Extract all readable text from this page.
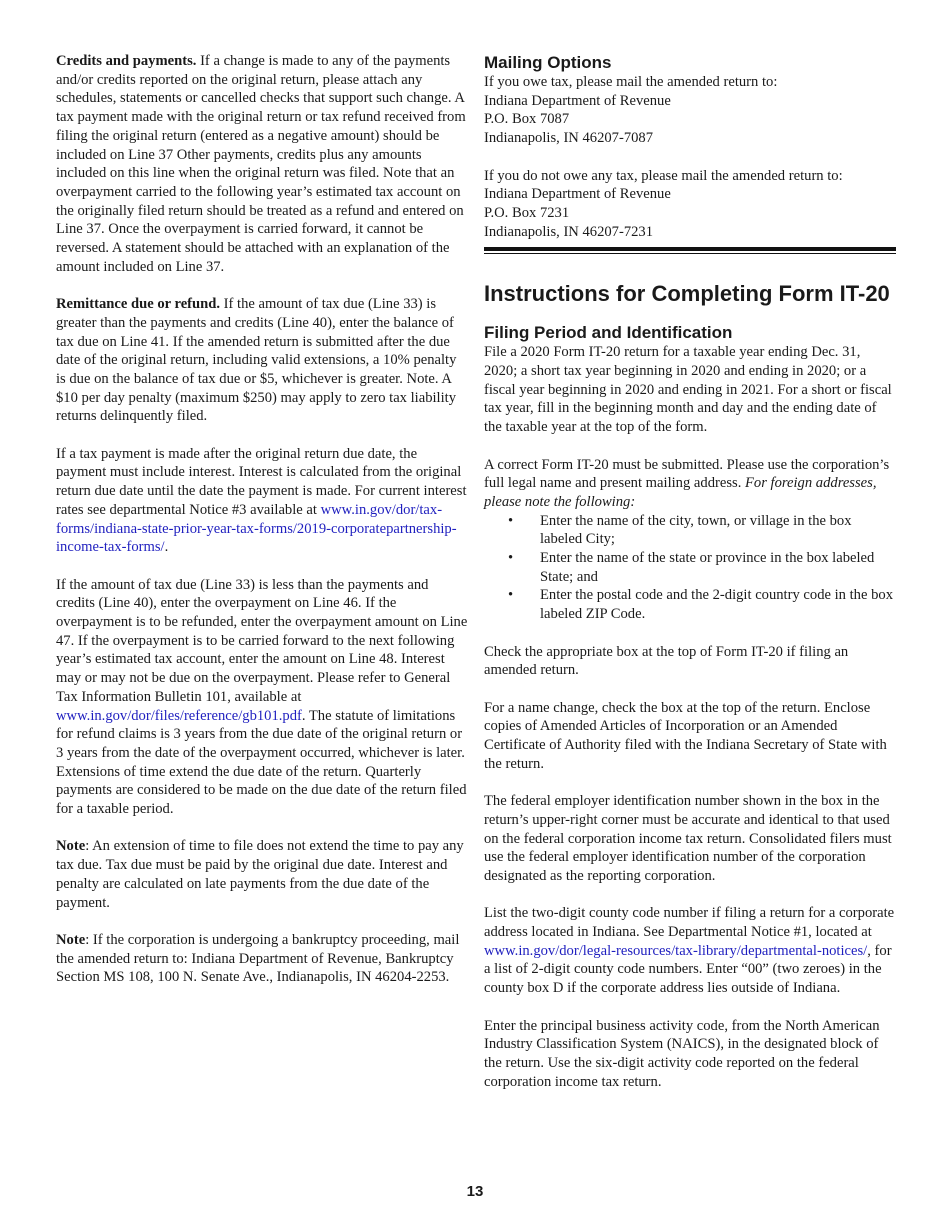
Credits and payments. If a change is made to any of the payments and/or credits reported on the original return, please attach any schedules, statements or cancelled checks that support such change. A tax payment made with the original return or tax refund received from filing the original return (entered as a negative amount) should be included on Line 37 Other payments, credits plus any amounts included on this line when the original return was filed. Note that an overpayment carried to the following year’s estimated tax account on the originally filed return should be treated as a refund and entered on Line 37. Once the overpayment is carried forward, it cannot be reversed. A statement should be attached with an explanation of the amount included on Line 37.

Remittance due or refund. If the amount of tax due (Line 33) is greater than the payments and credits (Line 40), enter the balance of tax due on Line 41. If the amended return is submitted after the due date of the original return, including valid extensions, a 10% penalty is due on the balance of tax due or $5, whichever is greater. Note. A $10 per day penalty (maximum $250) may apply to zero tax liability returns delinquently filed.

If a tax payment is made after the original return due date, the payment must include interest. Interest is calculated from the original return due date until the date the payment is made. For current interest rates see departmental Notice #3 available at www.in.gov/dor/tax-forms/indiana-state-prior-year-tax-forms/2019-corporatepartnership-income-tax-forms/.

If the amount of tax due (Line 33) is less than the payments and credits (Line 40), enter the overpayment on Line 46. If the overpayment is to be refunded, enter the overpayment amount on Line 47. If the overpayment is to be carried forward to the next following year’s estimated tax account, enter the amount on Line 48. Interest may or may not be due on the overpayment. Please refer to General Tax Information Bulletin 101, available at www.in.gov/dor/files/reference/gb101.pdf. The statute of limitations for refund claims is 3 years from the due date of the original return or 3 years from the date of the overpayment occurred, whichever is later. Extensions of time extend the due date of the return. Quarterly payments are considered to be made on the due date of the return filed for a taxable period.

Note: An extension of time to file does not extend the time to pay any tax due. Tax due must be paid by the original due date. Interest and penalty are calculated on late payments from the due date of the payment.

Note: If the corporation is undergoing a bankruptcy proceeding, mail the amended return to: Indiana Department of Revenue, Bankruptcy Section MS 108, 100 N. Senate Ave., Indianapolis, IN 46204-2253.

Mailing Options
If you owe tax, please mail the amended return to:
Indiana Department of Revenue
P.O. Box 7087
Indianapolis, IN 46207-7087
If you do not owe any tax, please mail the amended return to:
Indiana Department of Revenue
P.O. Box 7231
Indianapolis, IN 46207-7231
Instructions for Completing Form IT-20
Filing Period and Identification

File a 2020 Form IT-20 return for a taxable year ending Dec. 31, 2020; a short tax year beginning in 2020 and ending in 2020; or a fiscal year beginning in 2020 and ending in 2021. For a short or fiscal tax year, fill in the beginning month and day and the ending date of the taxable year at the top of the form.

A correct Form IT-20 must be submitted. Please use the corporation’s full legal name and present mailing address. For foreign addresses, please note the following:

• Enter the name of the city, town, or village in the box labeled City;
• Enter the name of the state or province in the box labeled State; and
• Enter the postal code and the 2-digit country code in the box labeled ZIP Code.

Check the appropriate box at the top of Form IT-20 if filing an amended return.

For a name change, check the box at the top of the return. Enclose copies of Amended Articles of Incorporation or an Amended Certificate of Authority filed with the Indiana Secretary of State with the return.

The federal employer identification number shown in the box in the return’s upper-right corner must be accurate and identical to that used on the federal corporation income tax return. Consolidated filers must use the federal employer identification number of the corporation designated as the reporting corporation.

List the two-digit county code number if filing a return for a corporate address located in Indiana. See Departmental Notice #1, located at www.in.gov/dor/legal-resources/tax-library/departmental-notices/, for a list of 2-digit county code numbers. Enter “00” (two zeroes) in the county box D if the corporate address lies outside of Indiana.

Enter the principal business activity code, from the North American Industry Classification System (NAICS), in the designated block of the return. Use the six-digit activity code reported on the federal corporation income tax return.

13
